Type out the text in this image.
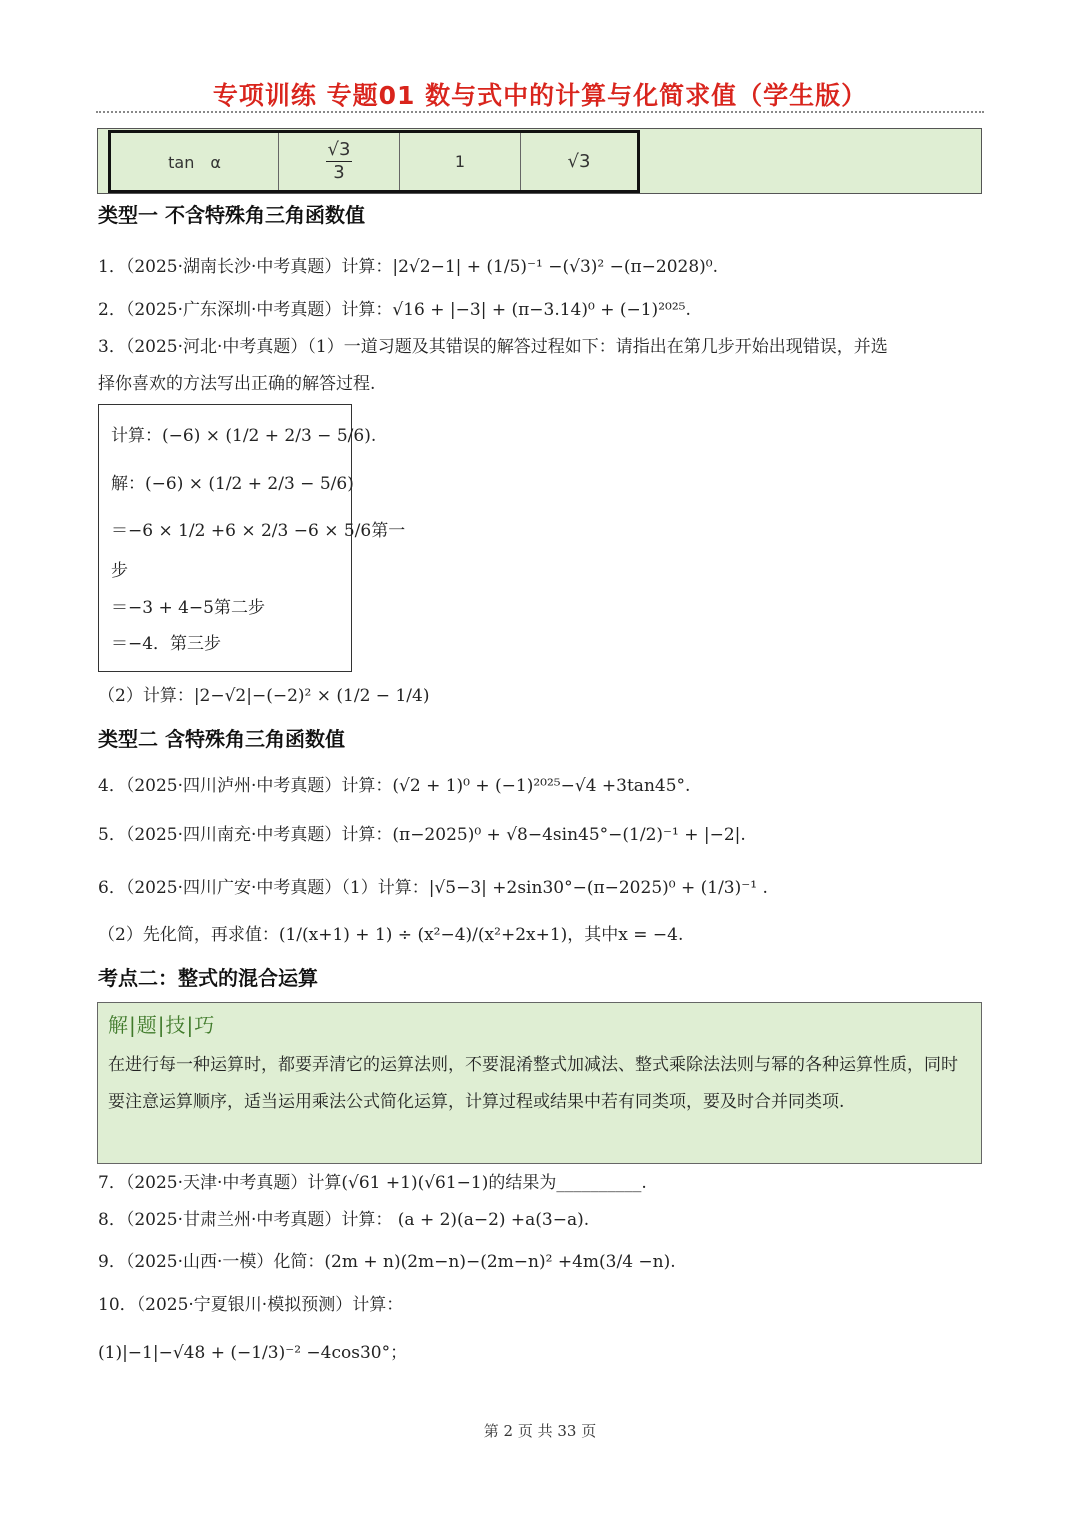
专项训练 专题01 数与式中的计算与化简求值（学生版）
tan　α	$\frac{√3}{3}$	1	√3
类型一 不含特殊角三角函数值
1．（2025·湖南长沙·中考真题）计算：|2√2−1| + (1/5)⁻¹ −(√3)² −(π−2028)⁰.
2．（2025·广东深圳·中考真题）计算：√16 + |−3| + (π−3.14)⁰ + (−1)²⁰²⁵.
3．（2025·河北·中考真题）（1）一道习题及其错误的解答过程如下：请指出在第几步开始出现错误，并选
择你喜欢的方法写出正确的解答过程.
计算：(−6) × (1/2 + 2/3 − 5/6).
解：(−6) × (1/2 + 2/3 − 5/6)
＝−6 × 1/2 +6 × 2/3 −6 × 5/6第一
步
＝−3 + 4−5第二步
＝−4．第三步
（2）计算：|2−√2|−(−2)² × (1/2 − 1/4)
类型二 含特殊角三角函数值
4．（2025·四川泸州·中考真题）计算：(√2 + 1)⁰ + (−1)²⁰²⁵−√4 +3tan45°.
5．（2025·四川南充·中考真题）计算：(π−2025)⁰ + √8−4sin45°−(1/2)⁻¹ + |−2|.
6．（2025·四川广安·中考真题）（1）计算：|√5−3| +2sin30°−(π−2025)⁰ + (1/3)⁻¹ .
（2）先化简，再求值：(1/(x+1) + 1) ÷ (x²−4)/(x²+2x+1)，其中x = −4.
考点二：整式的混合运算
解|题|技|巧
在进行每一种运算时，都要弄清它的运算法则，不要混淆整式加减法、整式乘除法法则与幂的各种运算性质，同时要注意运算顺序，适当运用乘法公式简化运算，计算过程或结果中若有同类项，要及时合并同类项.
7．（2025·天津·中考真题）计算(√61 +1)(√61−1)的结果为__________.
8．（2025·甘肃兰州·中考真题）计算： (a + 2)(a−2) +a(3−a).
9．（2025·山西·一模）化简：(2m + n)(2m−n)−(2m−n)² +4m(3/4 −n).
10．（2025·宁夏银川·模拟预测）计算：
(1)|−1|−√48 + (−1/3)⁻² −4cos30°；
第 2 页 共 33 页
